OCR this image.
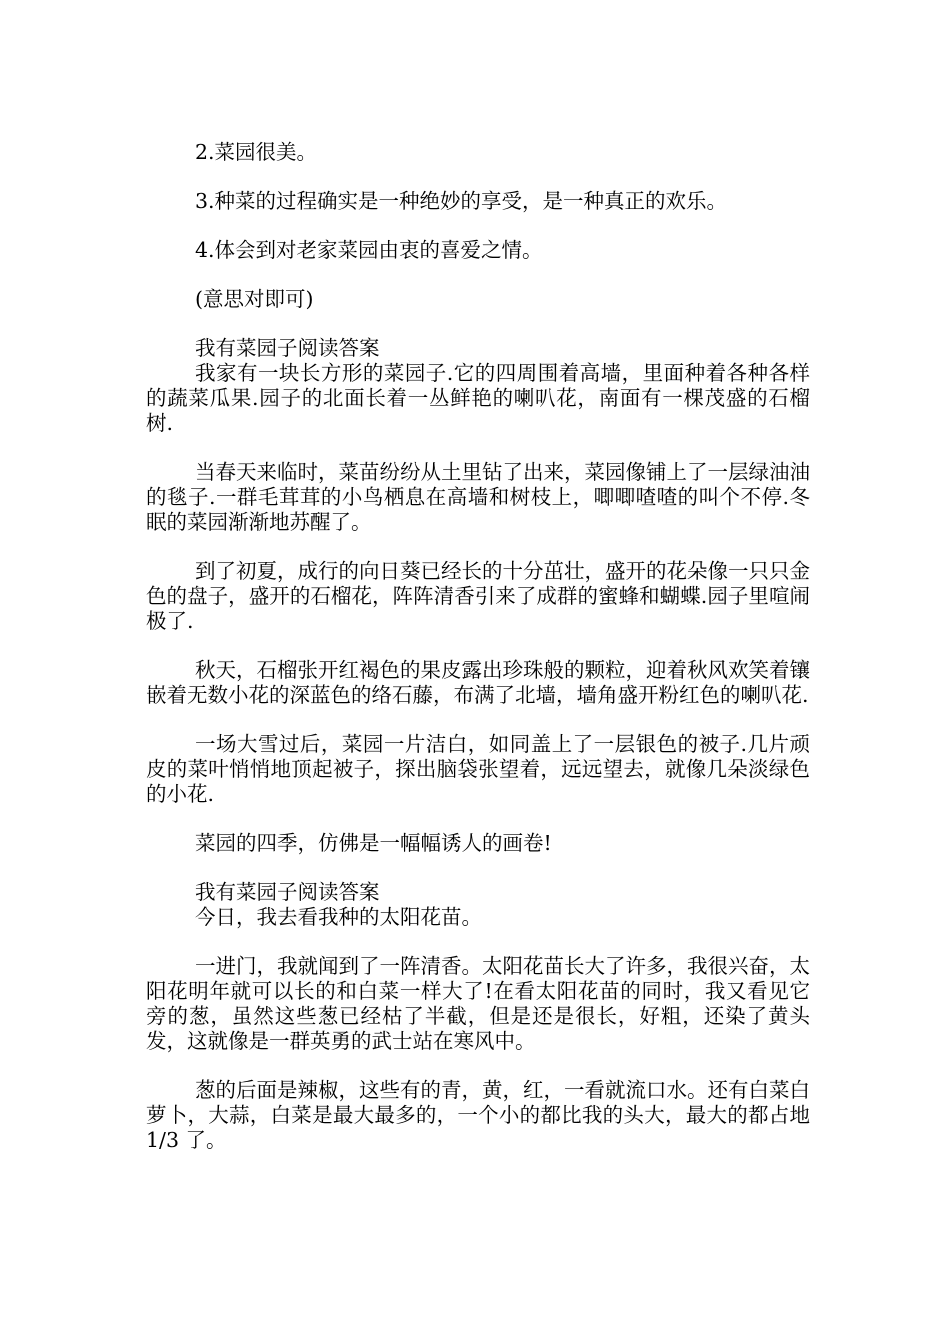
2.菜园很美。

3.种菜的过程确实是一种绝妙的享受，是一种真正的欢乐。

4.体会到对老家菜园由衷的喜爱之情。

(意思对即可)

我有菜园子阅读答案

我家有一块长方形的菜园子.它的四周围着高墙，里面种着各种各样的蔬菜瓜果.园子的北面长着一丛鲜艳的喇叭花，南面有一棵茂盛的石榴树.

当春天来临时，菜苗纷纷从土里钻了出来，菜园像铺上了一层绿油油的毯子.一群毛茸茸的小鸟栖息在高墙和树枝上，唧唧喳喳的叫个不停.冬眠的菜园渐渐地苏醒了。

到了初夏，成行的向日葵已经长的十分茁壮，盛开的花朵像一只只金色的盘子，盛开的石榴花，阵阵清香引来了成群的蜜蜂和蝴蝶.园子里喧闹极了.

秋天，石榴张开红褐色的果皮露出珍珠般的颗粒，迎着秋风欢笑着镶嵌着无数小花的深蓝色的络石藤，布满了北墙，墙角盛开粉红色的喇叭花.

一场大雪过后，菜园一片洁白，如同盖上了一层银色的被子.几片顽皮的菜叶悄悄地顶起被子，探出脑袋张望着，远远望去，就像几朵淡绿色的小花.

菜园的四季，仿佛是一幅幅诱人的画卷!

我有菜园子阅读答案

今日，我去看我种的太阳花苗。

一进门，我就闻到了一阵清香。太阳花苗长大了许多，我很兴奋，太阳花明年就可以长的和白菜一样大了!在看太阳花苗的同时，我又看见它旁的葱，虽然这些葱已经枯了半截，但是还是很长，好粗，还染了黄头发，这就像是一群英勇的武士站在寒风中。

葱的后面是辣椒，这些有的青，黄，红，一看就流口水。还有白菜白萝卜，大蒜，白菜是最大最多的，一个小的都比我的头大，最大的都占地 1/3 了。
